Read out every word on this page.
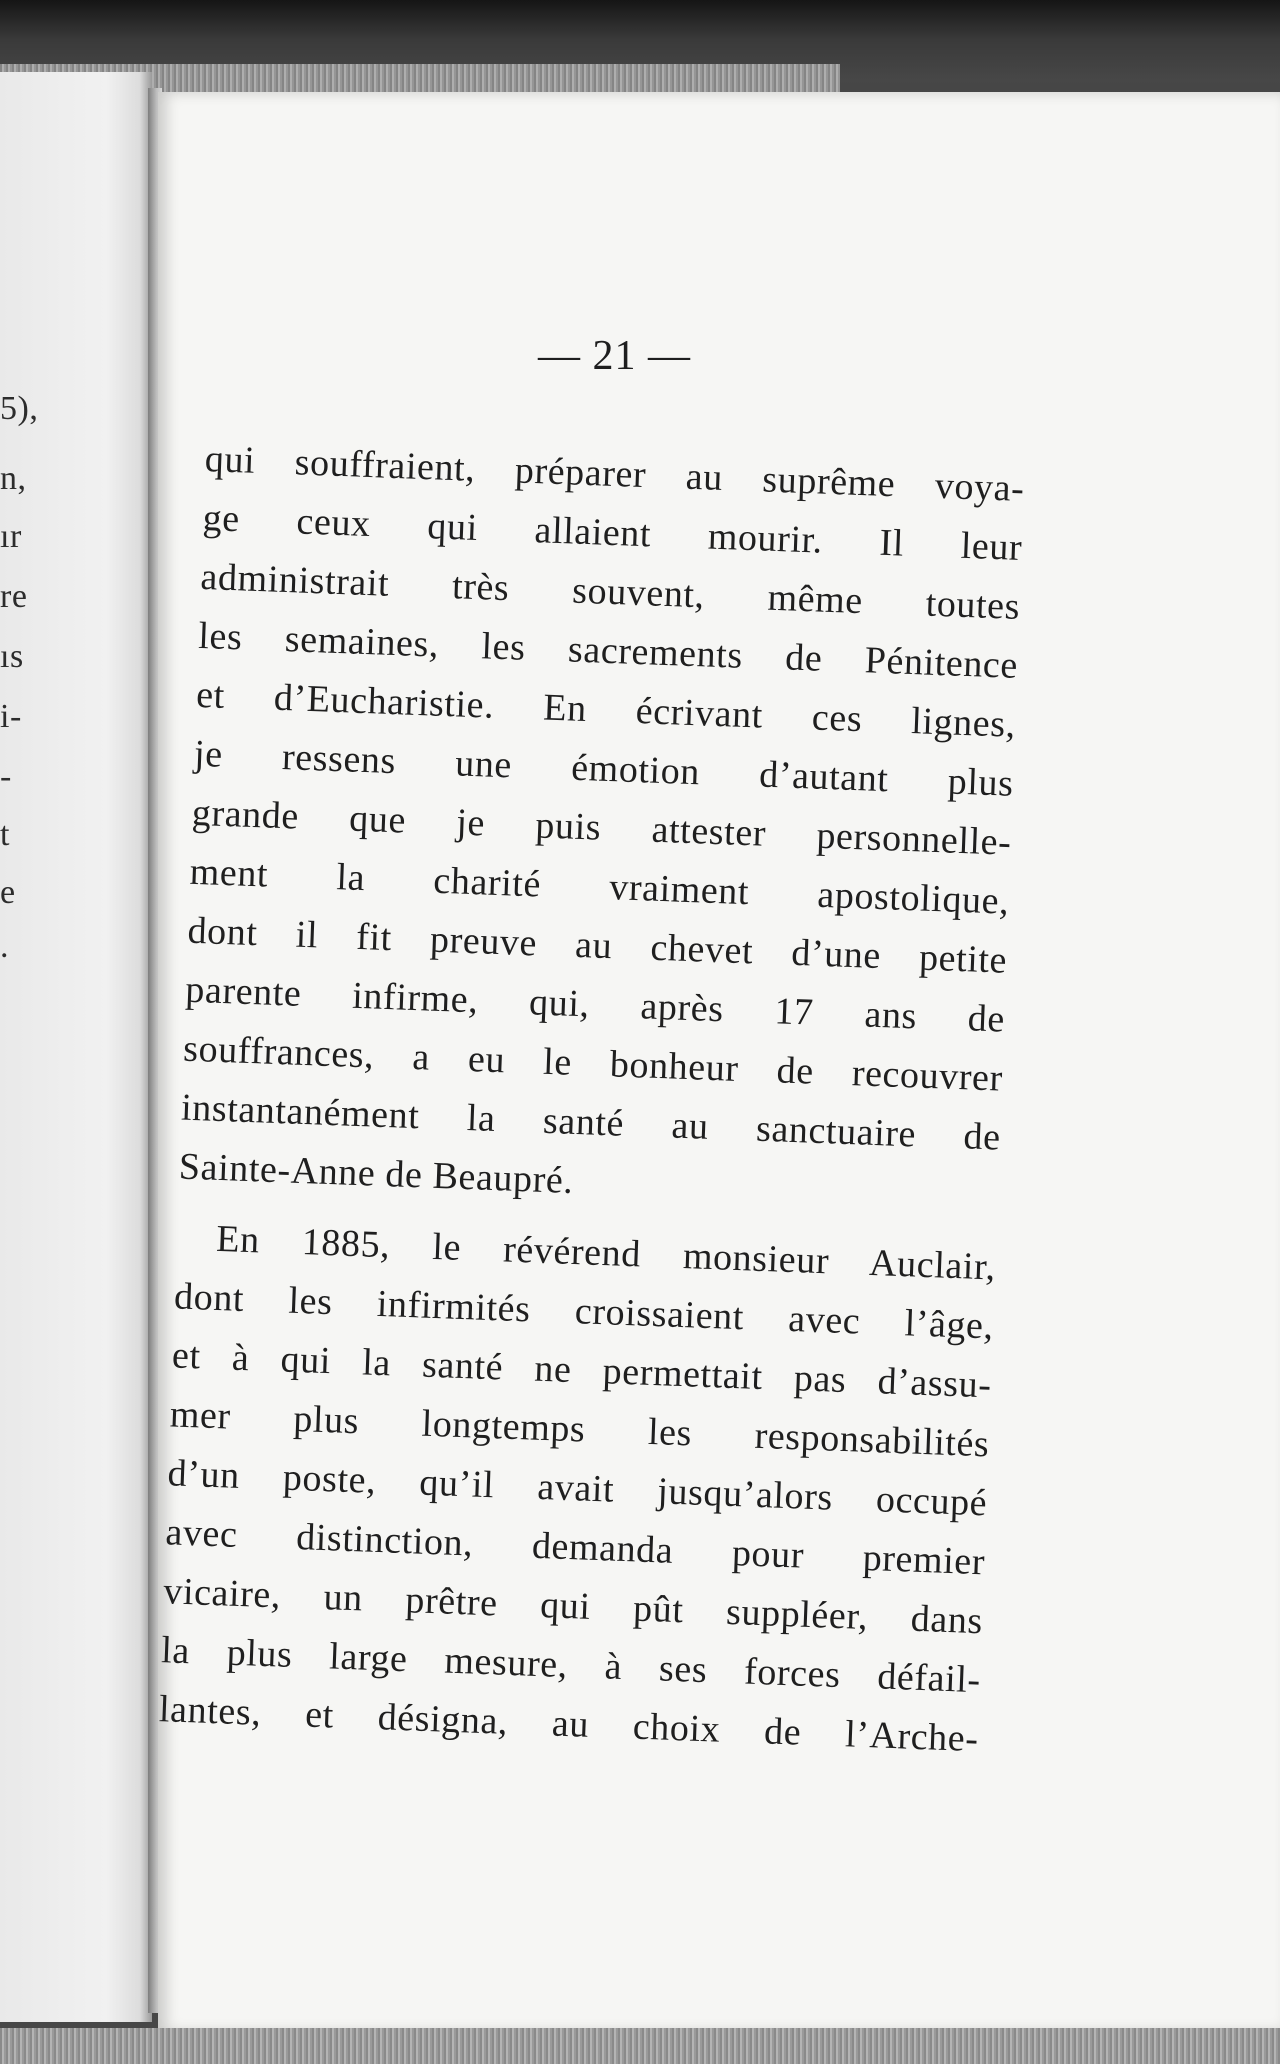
5),
n,
ır
re
ıs
i-
-
t
e
.
— 21 —
qui souffraient, préparer au suprême voya-
ge ceux qui allaient mourir. Il leur
administrait très souvent, même toutes
les semaines, les sacrements de Pénitence
et d’Eucharistie. En écrivant ces lignes,
je ressens une émotion d’autant plus
grande que je puis attester personnelle-
ment la charité vraiment apostolique,
dont il fit preuve au chevet d’une petite
parente infirme, qui, après 17 ans de
souffrances, a eu le bonheur de recouvrer
instantanément la santé au sanctuaire de
Sainte-Anne de Beaupré.
En 1885, le révérend monsieur Auclair,
dont les infirmités croissaient avec l’âge,
et à qui la santé ne permettait pas d’assu-
mer plus longtemps les responsabilités
d’un poste, qu’il avait jusqu’alors occupé
avec distinction, demanda pour premier
vicaire, un prêtre qui pût suppléer, dans
la plus large mesure, à ses forces défail-
lantes, et désigna, au choix de l’Arche-
